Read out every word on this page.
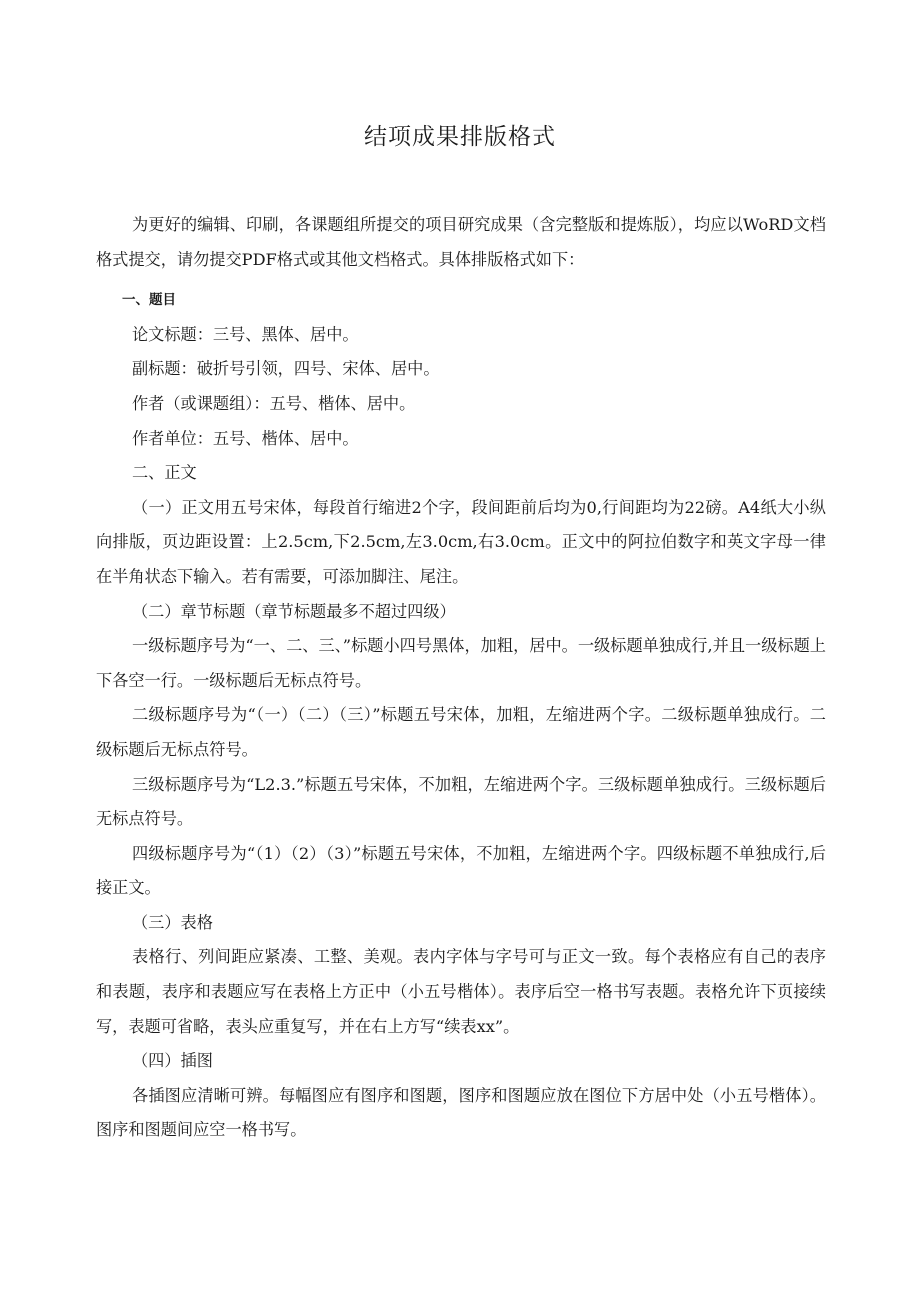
结项成果排版格式

为更好的编辑、印刷，各课题组所提交的项目研究成果（含完整版和提炼版），均应以WoRD文档格式提交，请勿提交PDF格式或其他文档格式。具体排版格式如下：

一、题目

论文标题：三号、黑体、居中。

副标题：破折号引领，四号、宋体、居中。

作者（或课题组）：五号、楷体、居中。

作者单位：五号、楷体、居中。

二、正文

（一）正文用五号宋体，每段首行缩进2个字，段间距前后均为0,行间距均为22磅。A4纸大小纵向排版，页边距设置：上2.5cm,下2.5cm,左3.0cm,右3.0cm。正文中的阿拉伯数字和英文字母一律在半角状态下输入。若有需要，可添加脚注、尾注。

（二）章节标题（章节标题最多不超过四级）

一级标题序号为“一、二、三、”标题小四号黑体，加粗，居中。一级标题单独成行,并且一级标题上下各空一行。一级标题后无标点符号。

二级标题序号为“（一）（二）（三）”标题五号宋体，加粗，左缩进两个字。二级标题单独成行。二级标题后无标点符号。

三级标题序号为“L2.3.”标题五号宋体，不加粗，左缩进两个字。三级标题单独成行。三级标题后无标点符号。

四级标题序号为“（1）（2）（3）”标题五号宋体，不加粗，左缩进两个字。四级标题不单独成行,后接正文。

（三）表格

表格行、列间距应紧凑、工整、美观。表内字体与字号可与正文一致。每个表格应有自己的表序和表题，表序和表题应写在表格上方正中（小五号楷体）。表序后空一格书写表题。表格允许下页接续写，表题可省略，表头应重复写，并在右上方写“续表xx”。

（四）插图

各插图应清晰可辨。每幅图应有图序和图题，图序和图题应放在图位下方居中处（小五号楷体）。图序和图题间应空一格书写。
